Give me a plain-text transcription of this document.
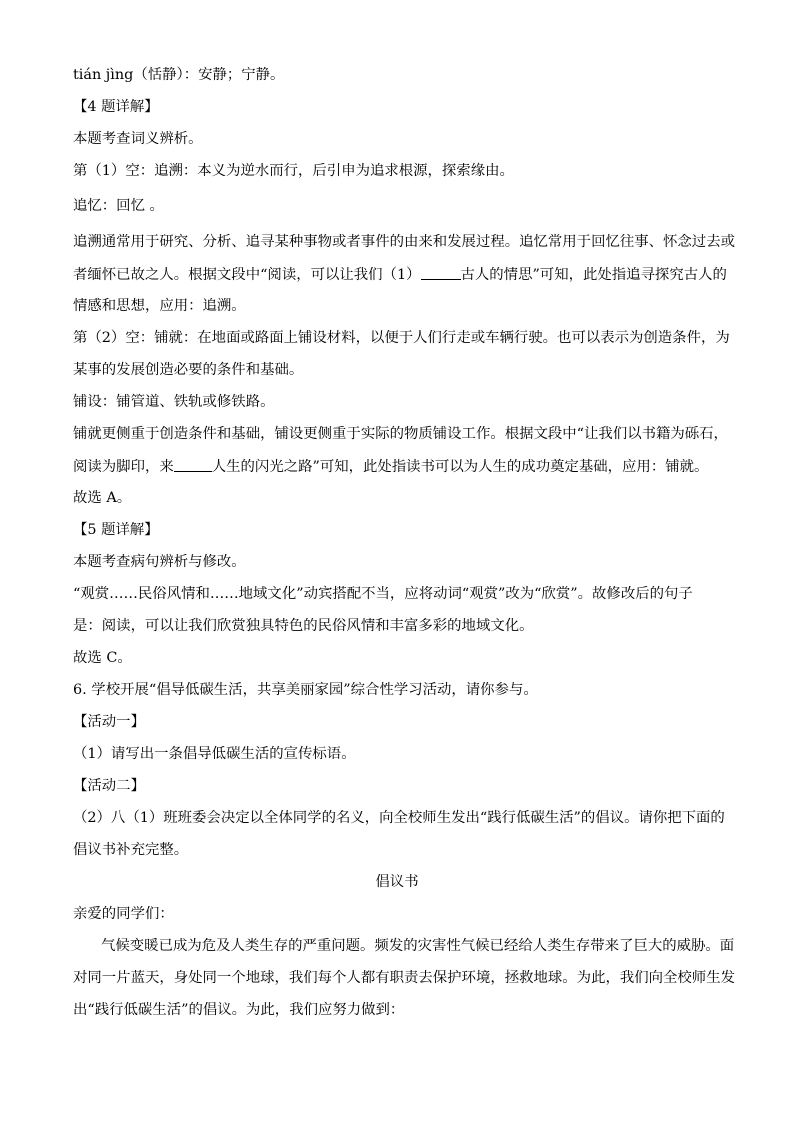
tián jìng（恬静）：安静；宁静。
【4 题详解】
本题考查词义辨析。
第（1）空：追溯：本义为逆水而行，后引申为追求根源，探索缘由。
追忆：回忆 。
追溯通常用于研究、分析、追寻某种事物或者事件的由来和发展过程。追忆常用于回忆往事、怀念过去或
者缅怀已故之人。根据文段中“阅读，可以让我们（1）	古人的情思”可知，此处指追寻探究古人的
情感和思想，应用：追溯。
第（2）空：铺就：在地面或路面上铺设材料，以便于人们行走或车辆行驶。也可以表示为创造条件，为
某事的发展创造必要的条件和基础。
铺设：铺管道、铁轨或修铁路。
铺就更侧重于创造条件和基础，铺设更侧重于实际的物质铺设工作。根据文段中“让我们以书籍为砾石，
阅读为脚印，来	人生的闪光之路”可知，此处指读书可以为人生的成功奠定基础，应用：铺就。
故选 A。
【5 题详解】
本题考查病句辨析与修改。
“观赏……民俗风情和……地域文化”动宾搭配不当，应将动词“观赏”改为“欣赏”。故修改后的句子
是：阅读，可以让我们欣赏独具特色的民俗风情和丰富多彩的地域文化。
故选 C。
6. 学校开展“倡导低碳生活，共享美丽家园”综合性学习活动，请你参与。
【活动一】
（1）请写出一条倡导低碳生活的宣传标语。
【活动二】
（2）八（1）班班委会决定以全体同学的名义，向全校师生发出“践行低碳生活”的倡议。请你把下面的
倡议书补充完整。
倡议书
亲爱的同学们：
气候变暖已成为危及人类生存的严重问题。频发的灾害性气候已经给人类生存带来了巨大的威胁。面
对同一片蓝天，身处同一个地球，我们每个人都有职责去保护环境，拯救地球。为此，我们向全校师生发
出“践行低碳生活”的倡议。为此，我们应努力做到：
